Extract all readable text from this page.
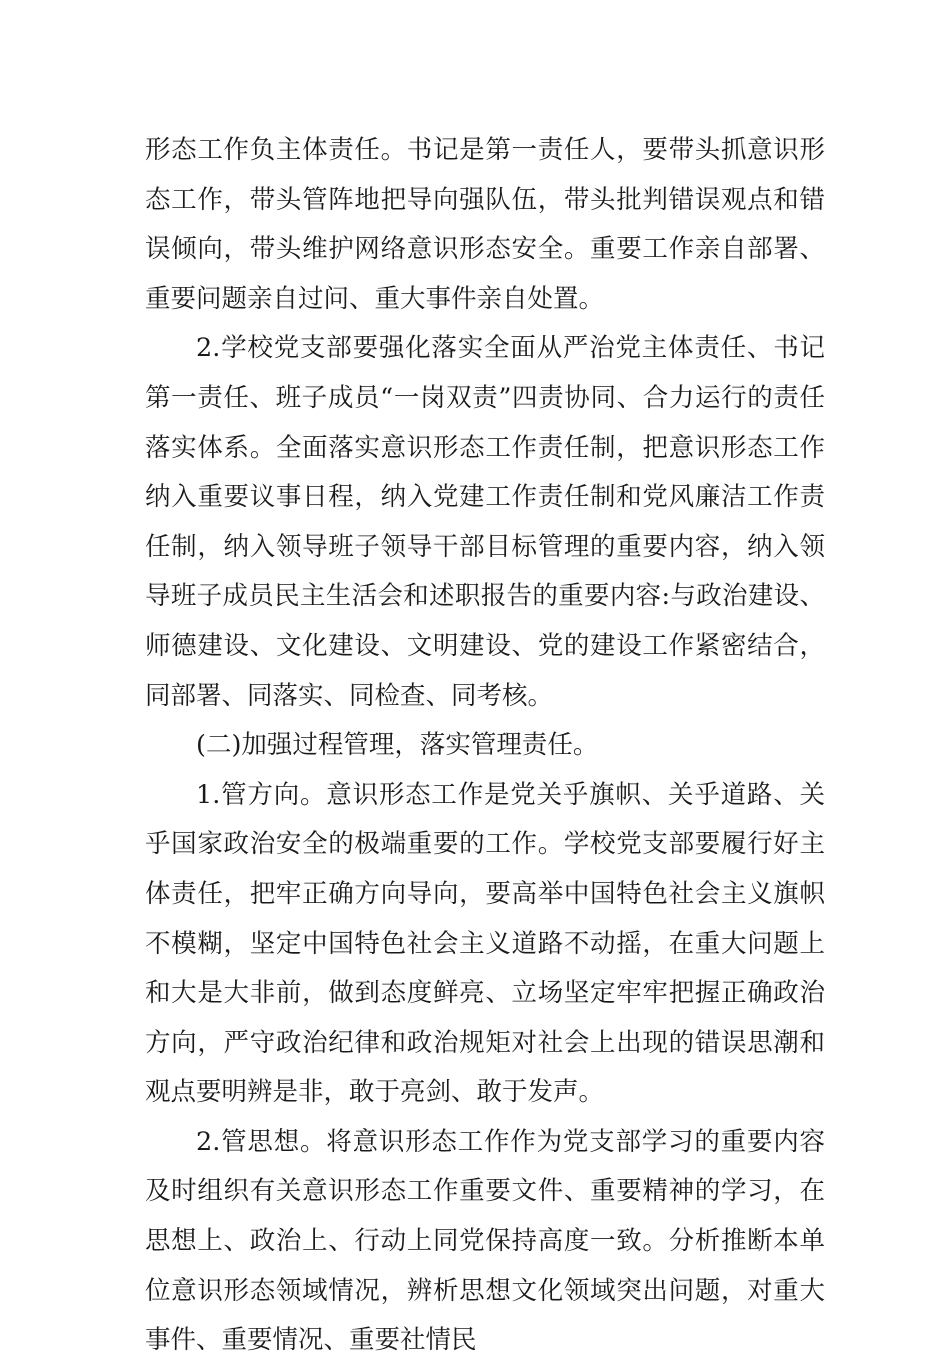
形态工作负主体责任。书记是第一责任人，要带头抓意识形态工作，带头管阵地把导向强队伍，带头批判错误观点和错误倾向，带头维护网络意识形态安全。重要工作亲自部署、重要问题亲自过问、重大事件亲自处置。

2.学校党支部要强化落实全面从严治党主体责任、书记第一责任、班子成员“一岗双责”四责协同、合力运行的责任落实体系。全面落实意识形态工作责任制，把意识形态工作纳入重要议事日程，纳入党建工作责任制和党风廉洁工作责任制，纳入领导班子领导干部目标管理的重要内容，纳入领导班子成员民主生活会和述职报告的重要内容:与政治建设、师德建设、文化建设、文明建设、党的建设工作紧密结合，同部署、同落实、同检查、同考核。

(二)加强过程管理，落实管理责任。

1.管方向。意识形态工作是党关乎旗帜、关乎道路、关乎国家政治安全的极端重要的工作。学校党支部要履行好主体责任，把牢正确方向导向，要高举中国特色社会主义旗帜不模糊，坚定中国特色社会主义道路不动摇，在重大问题上和大是大非前，做到态度鲜亮、立场坚定牢牢把握正确政治方向，严守政治纪律和政治规矩对社会上出现的错误思潮和观点要明辨是非，敢于亮剑、敢于发声。

2.管思想。将意识形态工作作为党支部学习的重要内容及时组织有关意识形态工作重要文件、重要精神的学习，在思想上、政治上、行动上同党保持高度一致。分析推断本单位意识形态领域情况，辨析思想文化领域突出问题，对重大事件、重要情况、重要社情民
